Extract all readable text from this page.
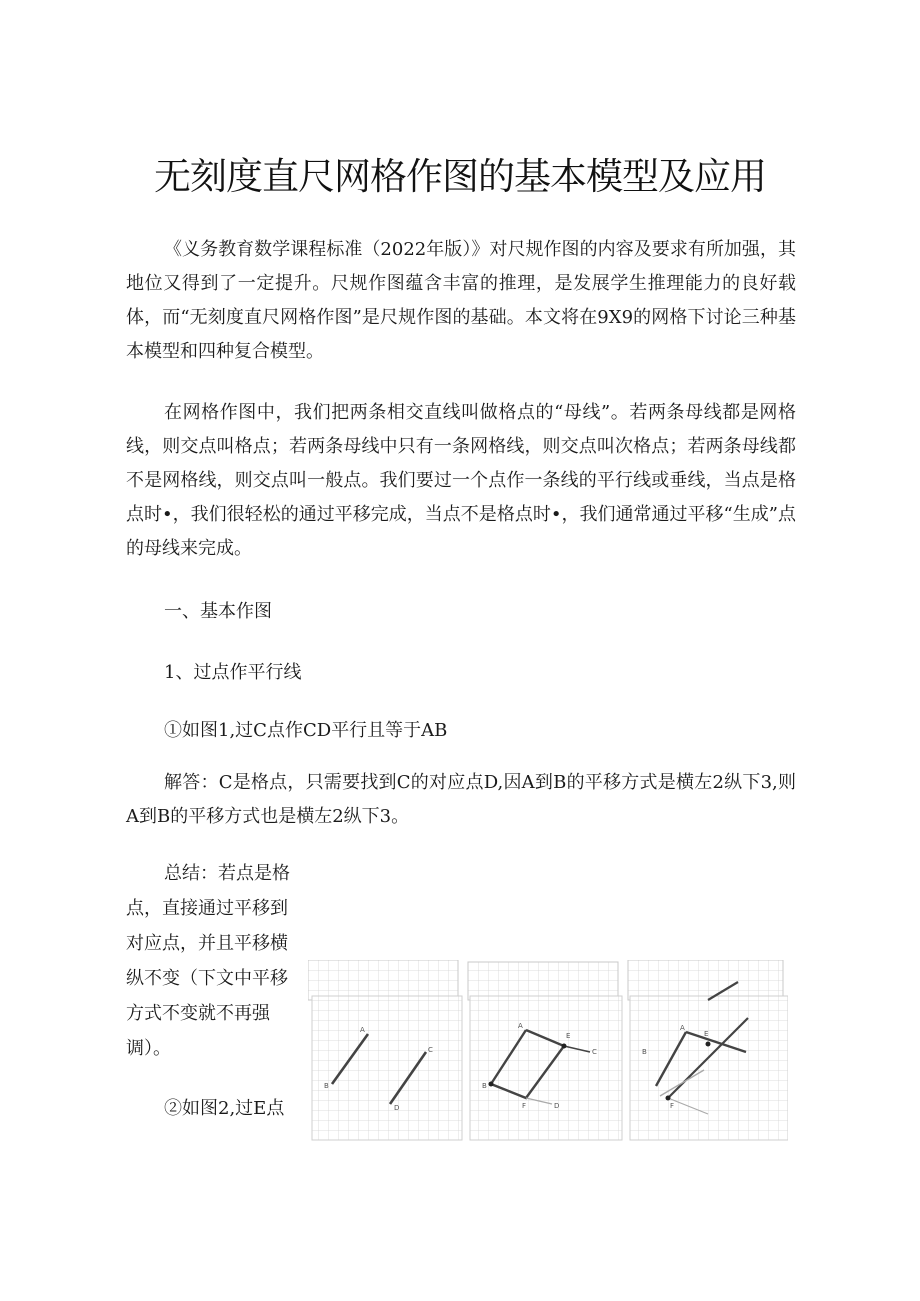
无刻度直尺网格作图的基本模型及应用

《义务教育数学课程标准（2022年版）》对尺规作图的内容及要求有所加强，其地位又得到了一定提升。尺规作图蕴含丰富的推理，是发展学生推理能力的良好载体，而“无刻度直尺网格作图”是尺规作图的基础。本文将在9X9的网格下讨论三种基本模型和四种复合模型。

在网格作图中，我们把两条相交直线叫做格点的“母线”。若两条母线都是网格线，则交点叫格点；若两条母线中只有一条网格线，则交点叫次格点；若两条母线都不是网格线，则交点叫一般点。我们要过一个点作一条线的平行线或垂线，当点是格点时•，我们很轻松的通过平移完成，当点不是格点时•，我们通常通过平移“生成”点的母线来完成。

一、基本作图

1、过点作平行线

①如图1,过C点作CD平行且等于AB

解答：C是格点，只需要找到C的对应点D,因A到B的平移方式是横左2纵下3,则A到B的平移方式也是横左2纵下3。

总结：若点是格点，直接通过平移到对应点，并且平移横纵不变（下文中平移方式不变就不再强调）。

②如图2,过E点

A
B
C
D
A
E
C
B
F	D
B
A
E
F
